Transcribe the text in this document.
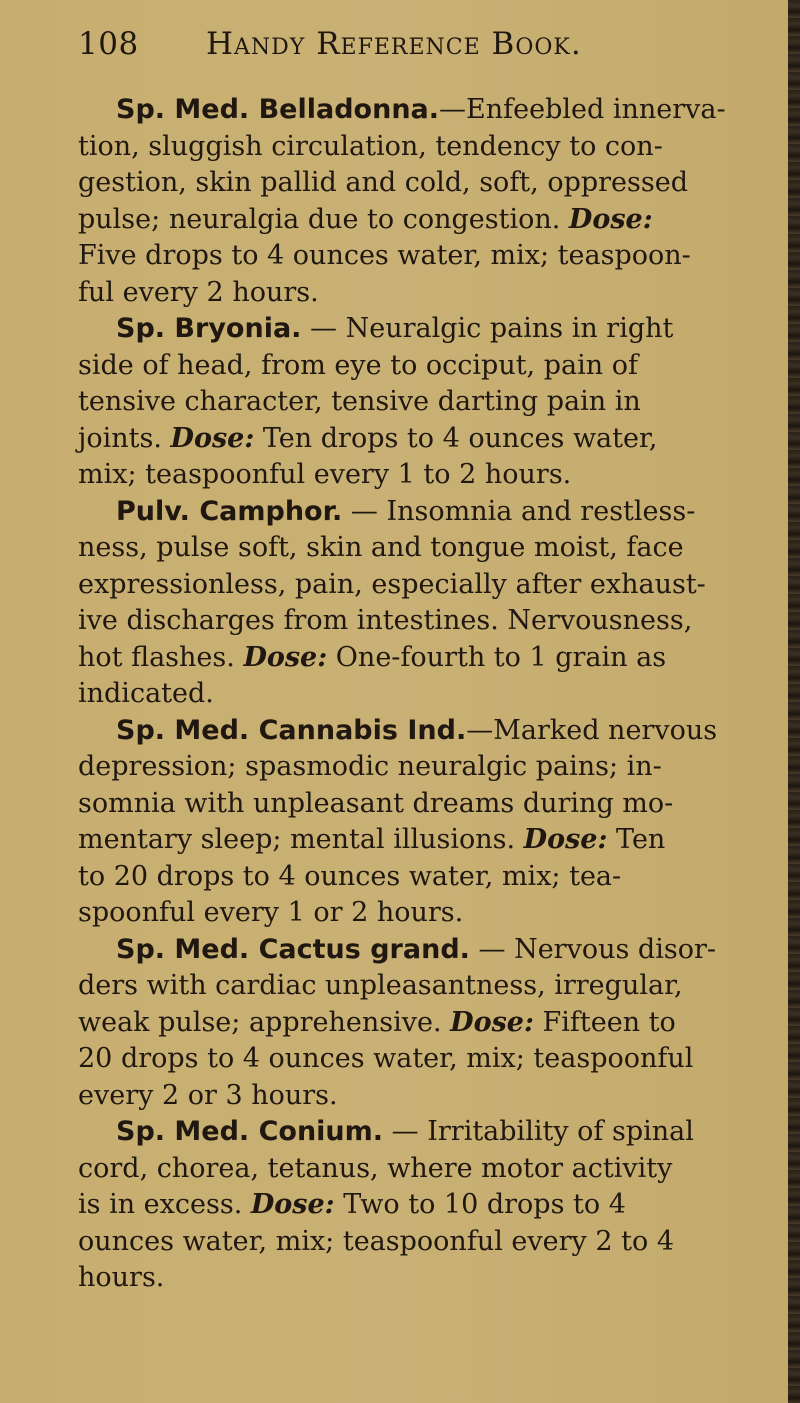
108 Handy Reference Book.

Sp. Med. Belladonna.—Enfeebled innerva-
tion, sluggish circulation, tendency to con-
gestion, skin pallid and cold, soft, oppressed
pulse; neuralgia due to congestion. Dose:
Five drops to 4 ounces water, mix; teaspoon-
ful every 2 hours.

Sp. Bryonia. — Neuralgic pains in right
side of head, from eye to occiput, pain of
tensive character, tensive darting pain in
joints. Dose: Ten drops to 4 ounces water,
mix; teaspoonful every 1 to 2 hours.

Pulv. Camphor. — Insomnia and restless-
ness, pulse soft, skin and tongue moist, face
expressionless, pain, especially after exhaust-
ive discharges from intestines. Nervousness,
hot flashes. Dose: One-fourth to 1 grain as
indicated.

Sp. Med. Cannabis Ind.—Marked nervous
depression; spasmodic neuralgic pains; in-
somnia with unpleasant dreams during mo-
mentary sleep; mental illusions. Dose: Ten
to 20 drops to 4 ounces water, mix; tea-
spoonful every 1 or 2 hours.

Sp. Med. Cactus grand. — Nervous disor-
ders with cardiac unpleasantness, irregular,
weak pulse; apprehensive. Dose: Fifteen to
20 drops to 4 ounces water, mix; teaspoonful
every 2 or 3 hours.

Sp. Med. Conium. — Irritability of spinal
cord, chorea, tetanus, where motor activity
is in excess. Dose: Two to 10 drops to 4
ounces water, mix; teaspoonful every 2 to 4
hours.
